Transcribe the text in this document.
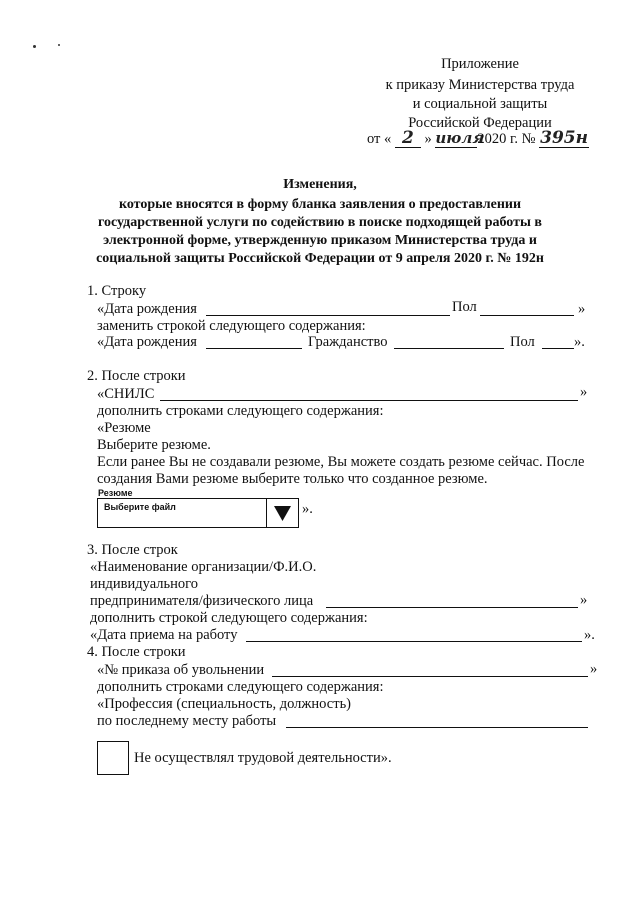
Приложение
к приказу Министерства труда
и социальной защиты
Российской Федерации
от « 2 » июля2020 г. № 395н
Изменения,
которые вносятся в форму бланка заявления о предоставлении
государственной услуги по содействию в поиске подходящей работы в
электронной форме, утвержденную приказом Министерства труда и
социальной защиты Российской Федерации от 9 апреля 2020 г. № 192н
1. Строку
«Дата рождения	Пол	»
заменить строкой следующего содержания:
«Дата рождения	Гражданство	Пол	».
2. После строки
«СНИЛС	»
дополнить строками следующего содержания:
«Резюме
Выберите резюме.
Если ранее Вы не создавали резюме, Вы можете создать резюме сейчас. После
создания Вами резюме выберите только что созданное резюме.
Резюме
Выберите файл	».
3. После строк
«Наименование организации/Ф.И.О.
индивидуального
предпринимателя/физического лица	»
дополнить строкой следующего содержания:
«Дата приема на работу	».
4. После строки
«№ приказа об увольнении	»
дополнить строками следующего содержания:
«Профессия (специальность, должность)
по последнему месту работы
Не осуществлял трудовой деятельности».
